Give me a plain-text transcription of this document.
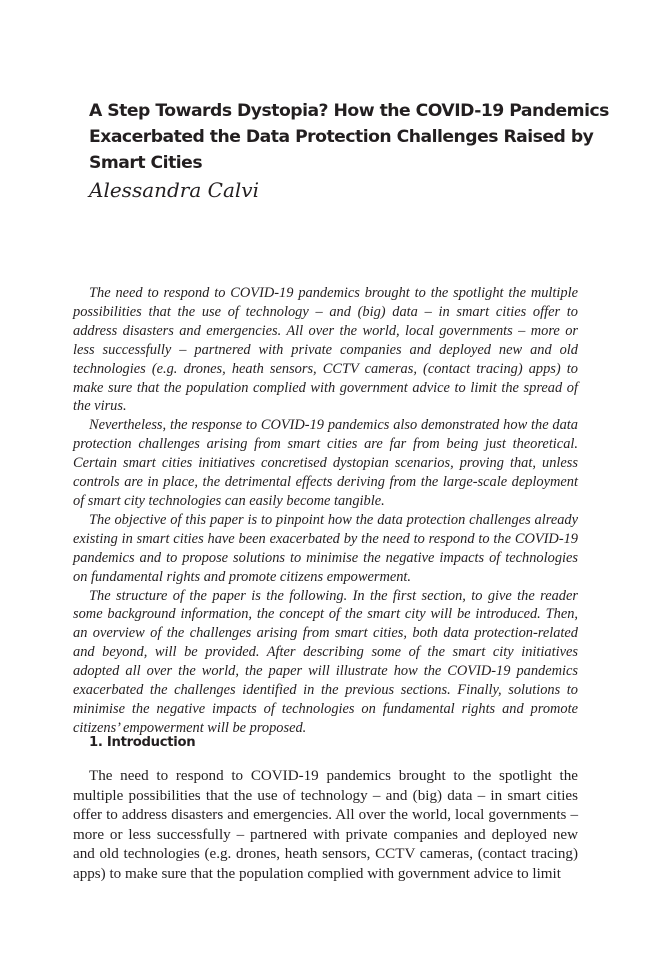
A Step Towards Dystopia? How the COVID-19 Pandemics
Exacerbated the Data Protection Challenges Raised by
Smart Cities

Alessandra Calvi

The need to respond to COVID-19 pandemics brought to the spotlight the multiple possibilities that the use of technology – and (big) data – in smart cities offer to address disasters and emergencies. All over the world, local governments – more or less successfully – partnered with private companies and deployed new and old technologies (e.g. drones, heath sensors, CCTV cameras, (contact tracing) apps) to make sure that the population complied with government advice to limit the spread of the virus.

Nevertheless, the response to COVID-19 pandemics also demonstrated how the data protection challenges arising from smart cities are far from being just theoretical. Certain smart cities initiatives concretised dystopian scenarios, proving that, unless controls are in place, the detrimental effects deriving from the large-scale deployment of smart city technologies can easily become tangible.

The objective of this paper is to pinpoint how the data protection challenges already existing in smart cities have been exacerbated by the need to respond to the COVID-19 pandemics and to propose solutions to minimise the negative impacts of technologies on fundamental rights and promote citizens empowerment.

The structure of the paper is the following. In the first section, to give the reader some background information, the concept of the smart city will be introduced. Then, an overview of the challenges arising from smart cities, both data protection-related and beyond, will be provided. After describing some of the smart city initiatives adopted all over the world, the paper will illustrate how the COVID-19 pandemics exacerbated the challenges identified in the previous sections. Finally, solutions to minimise the negative impacts of technologies on fundamental rights and promote citizens’ empowerment will be proposed.

1. Introduction

The need to respond to COVID-19 pandemics brought to the spotlight the multiple possibilities that the use of technology – and (big) data – in smart cities offer to address disasters and emergencies. All over the world, local governments – more or less successfully – partnered with private companies and deployed new and old technologies (e.g. drones, heath sensors, CCTV cameras, (contact tracing) apps) to make sure that the population complied with government advice to limit
